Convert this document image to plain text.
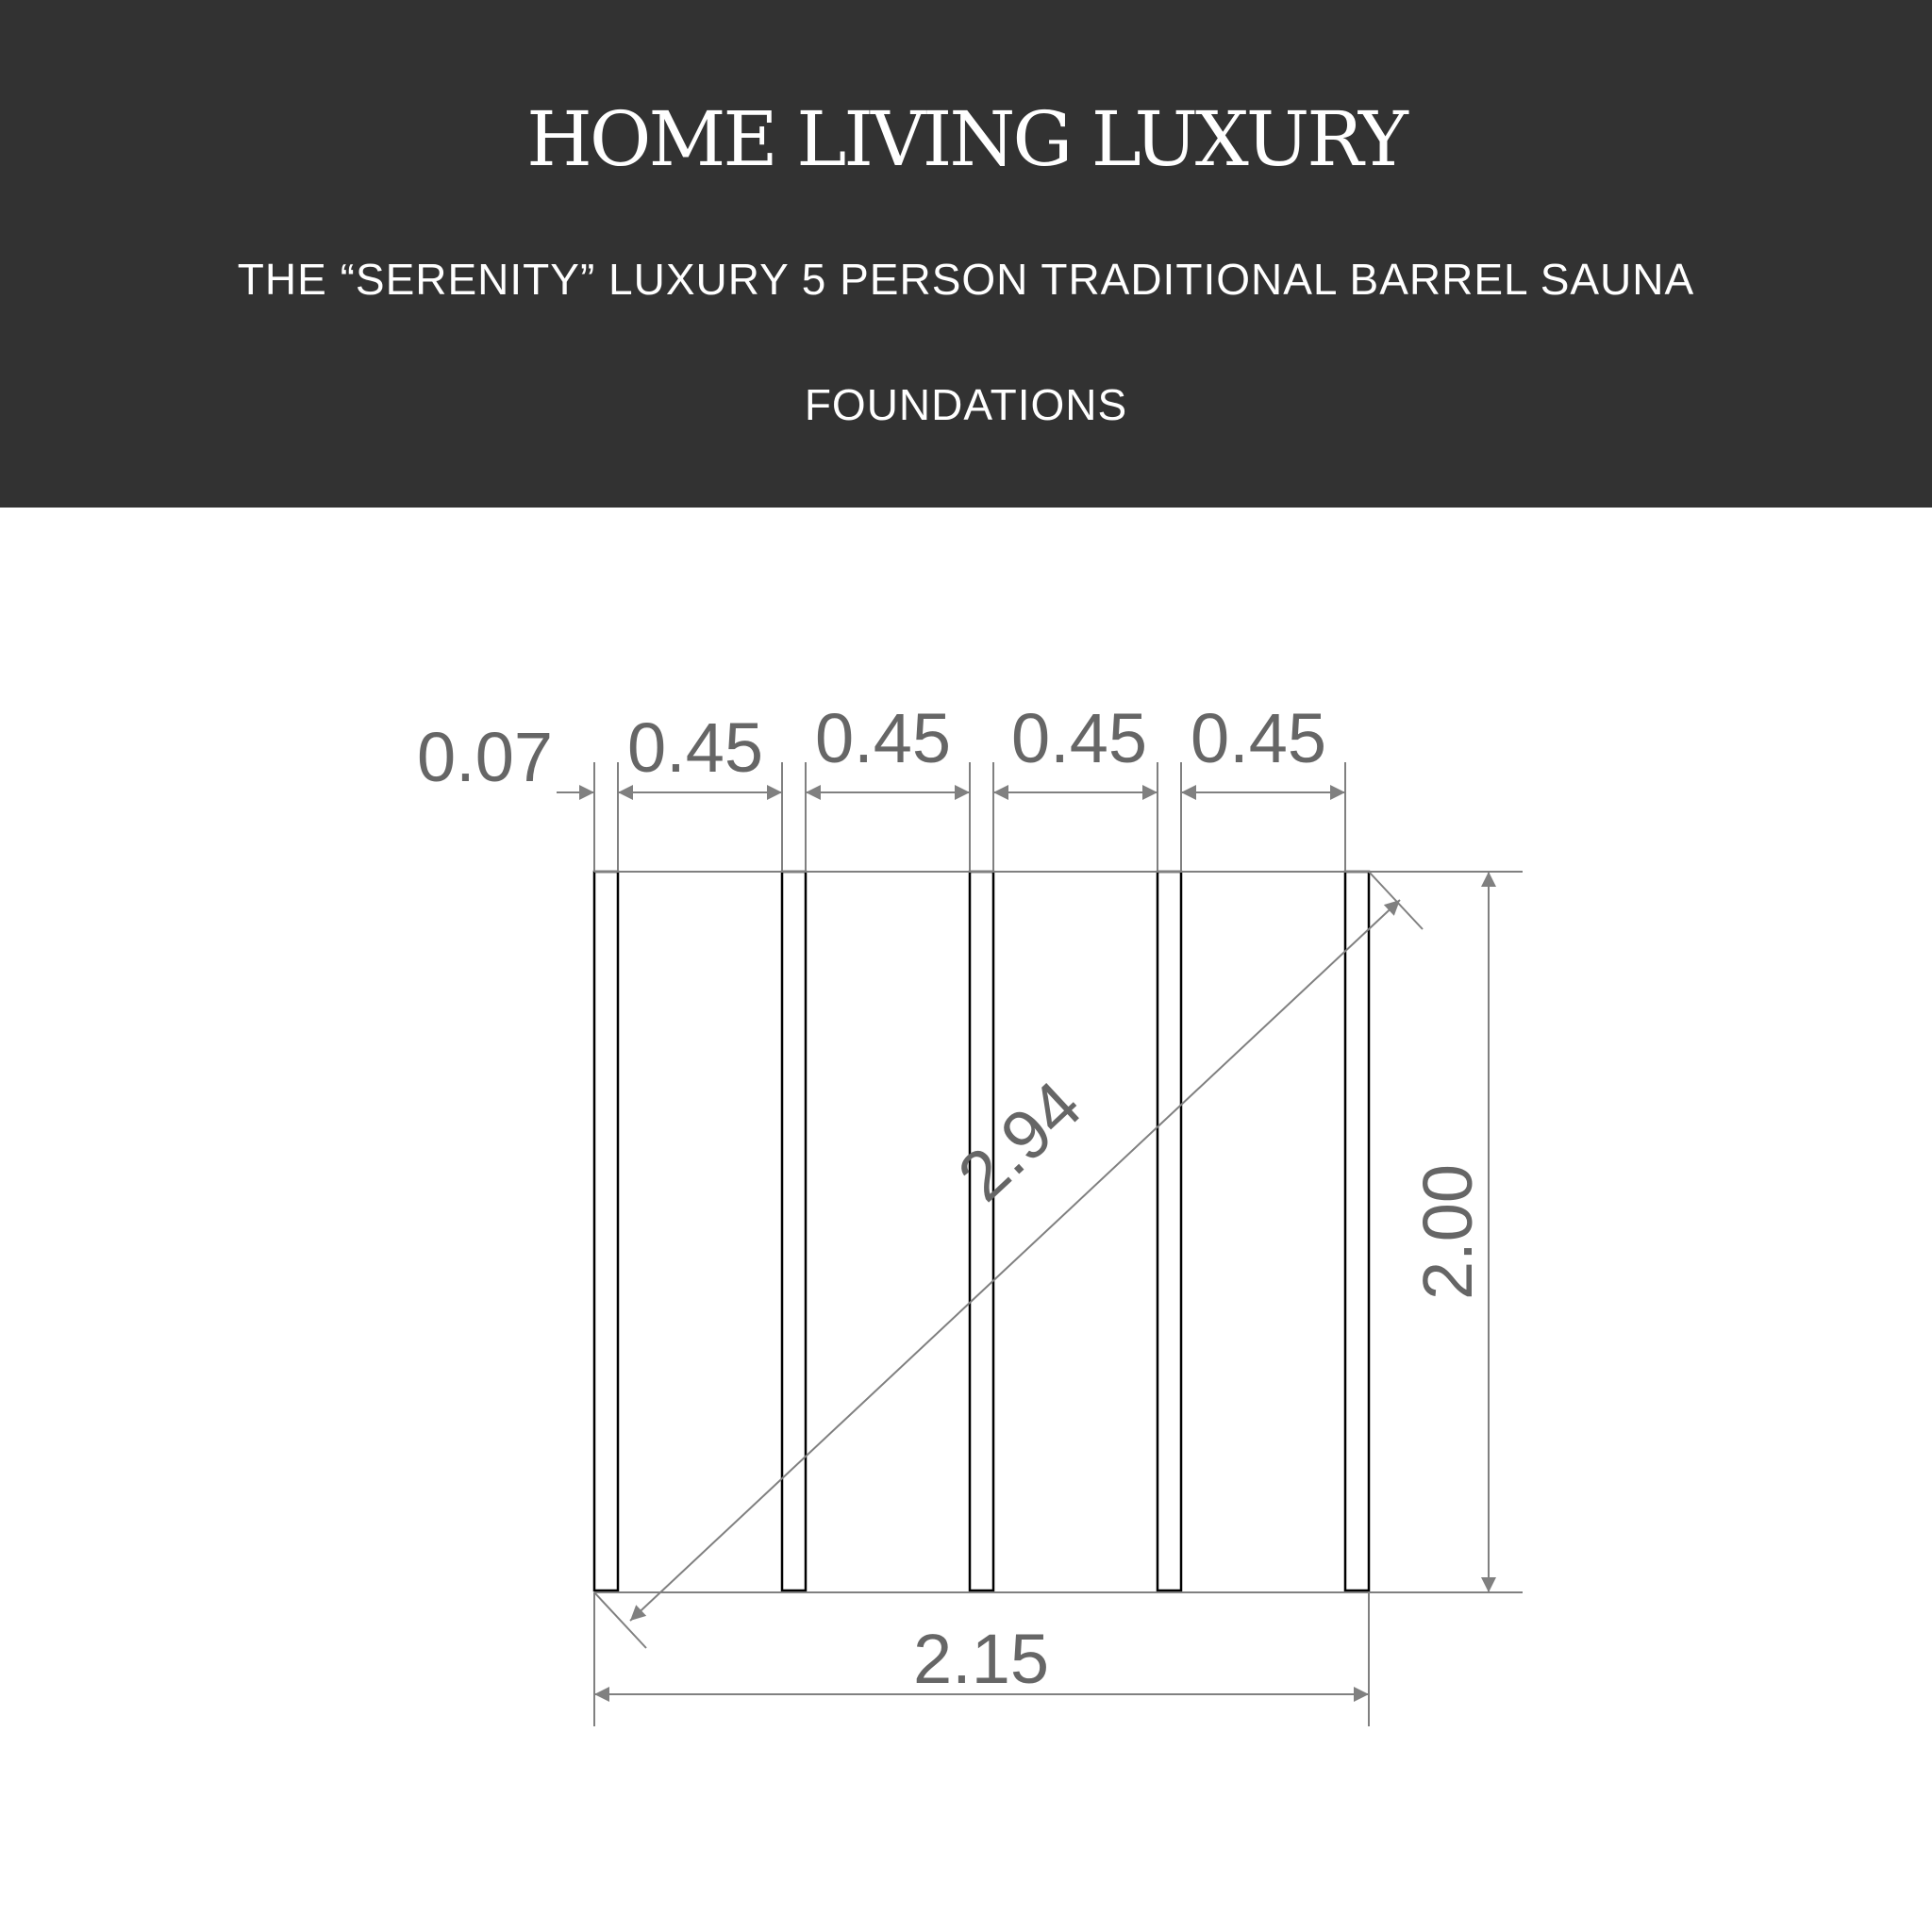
HOME LIVING LUXURY
THE “SERENITY” LUXURY 5 PERSON TRADITIONAL BARREL SAUNA
FOUNDATIONS
0.07 0.45 0.45 0.45 0.45
2.00
2.15
2.94
